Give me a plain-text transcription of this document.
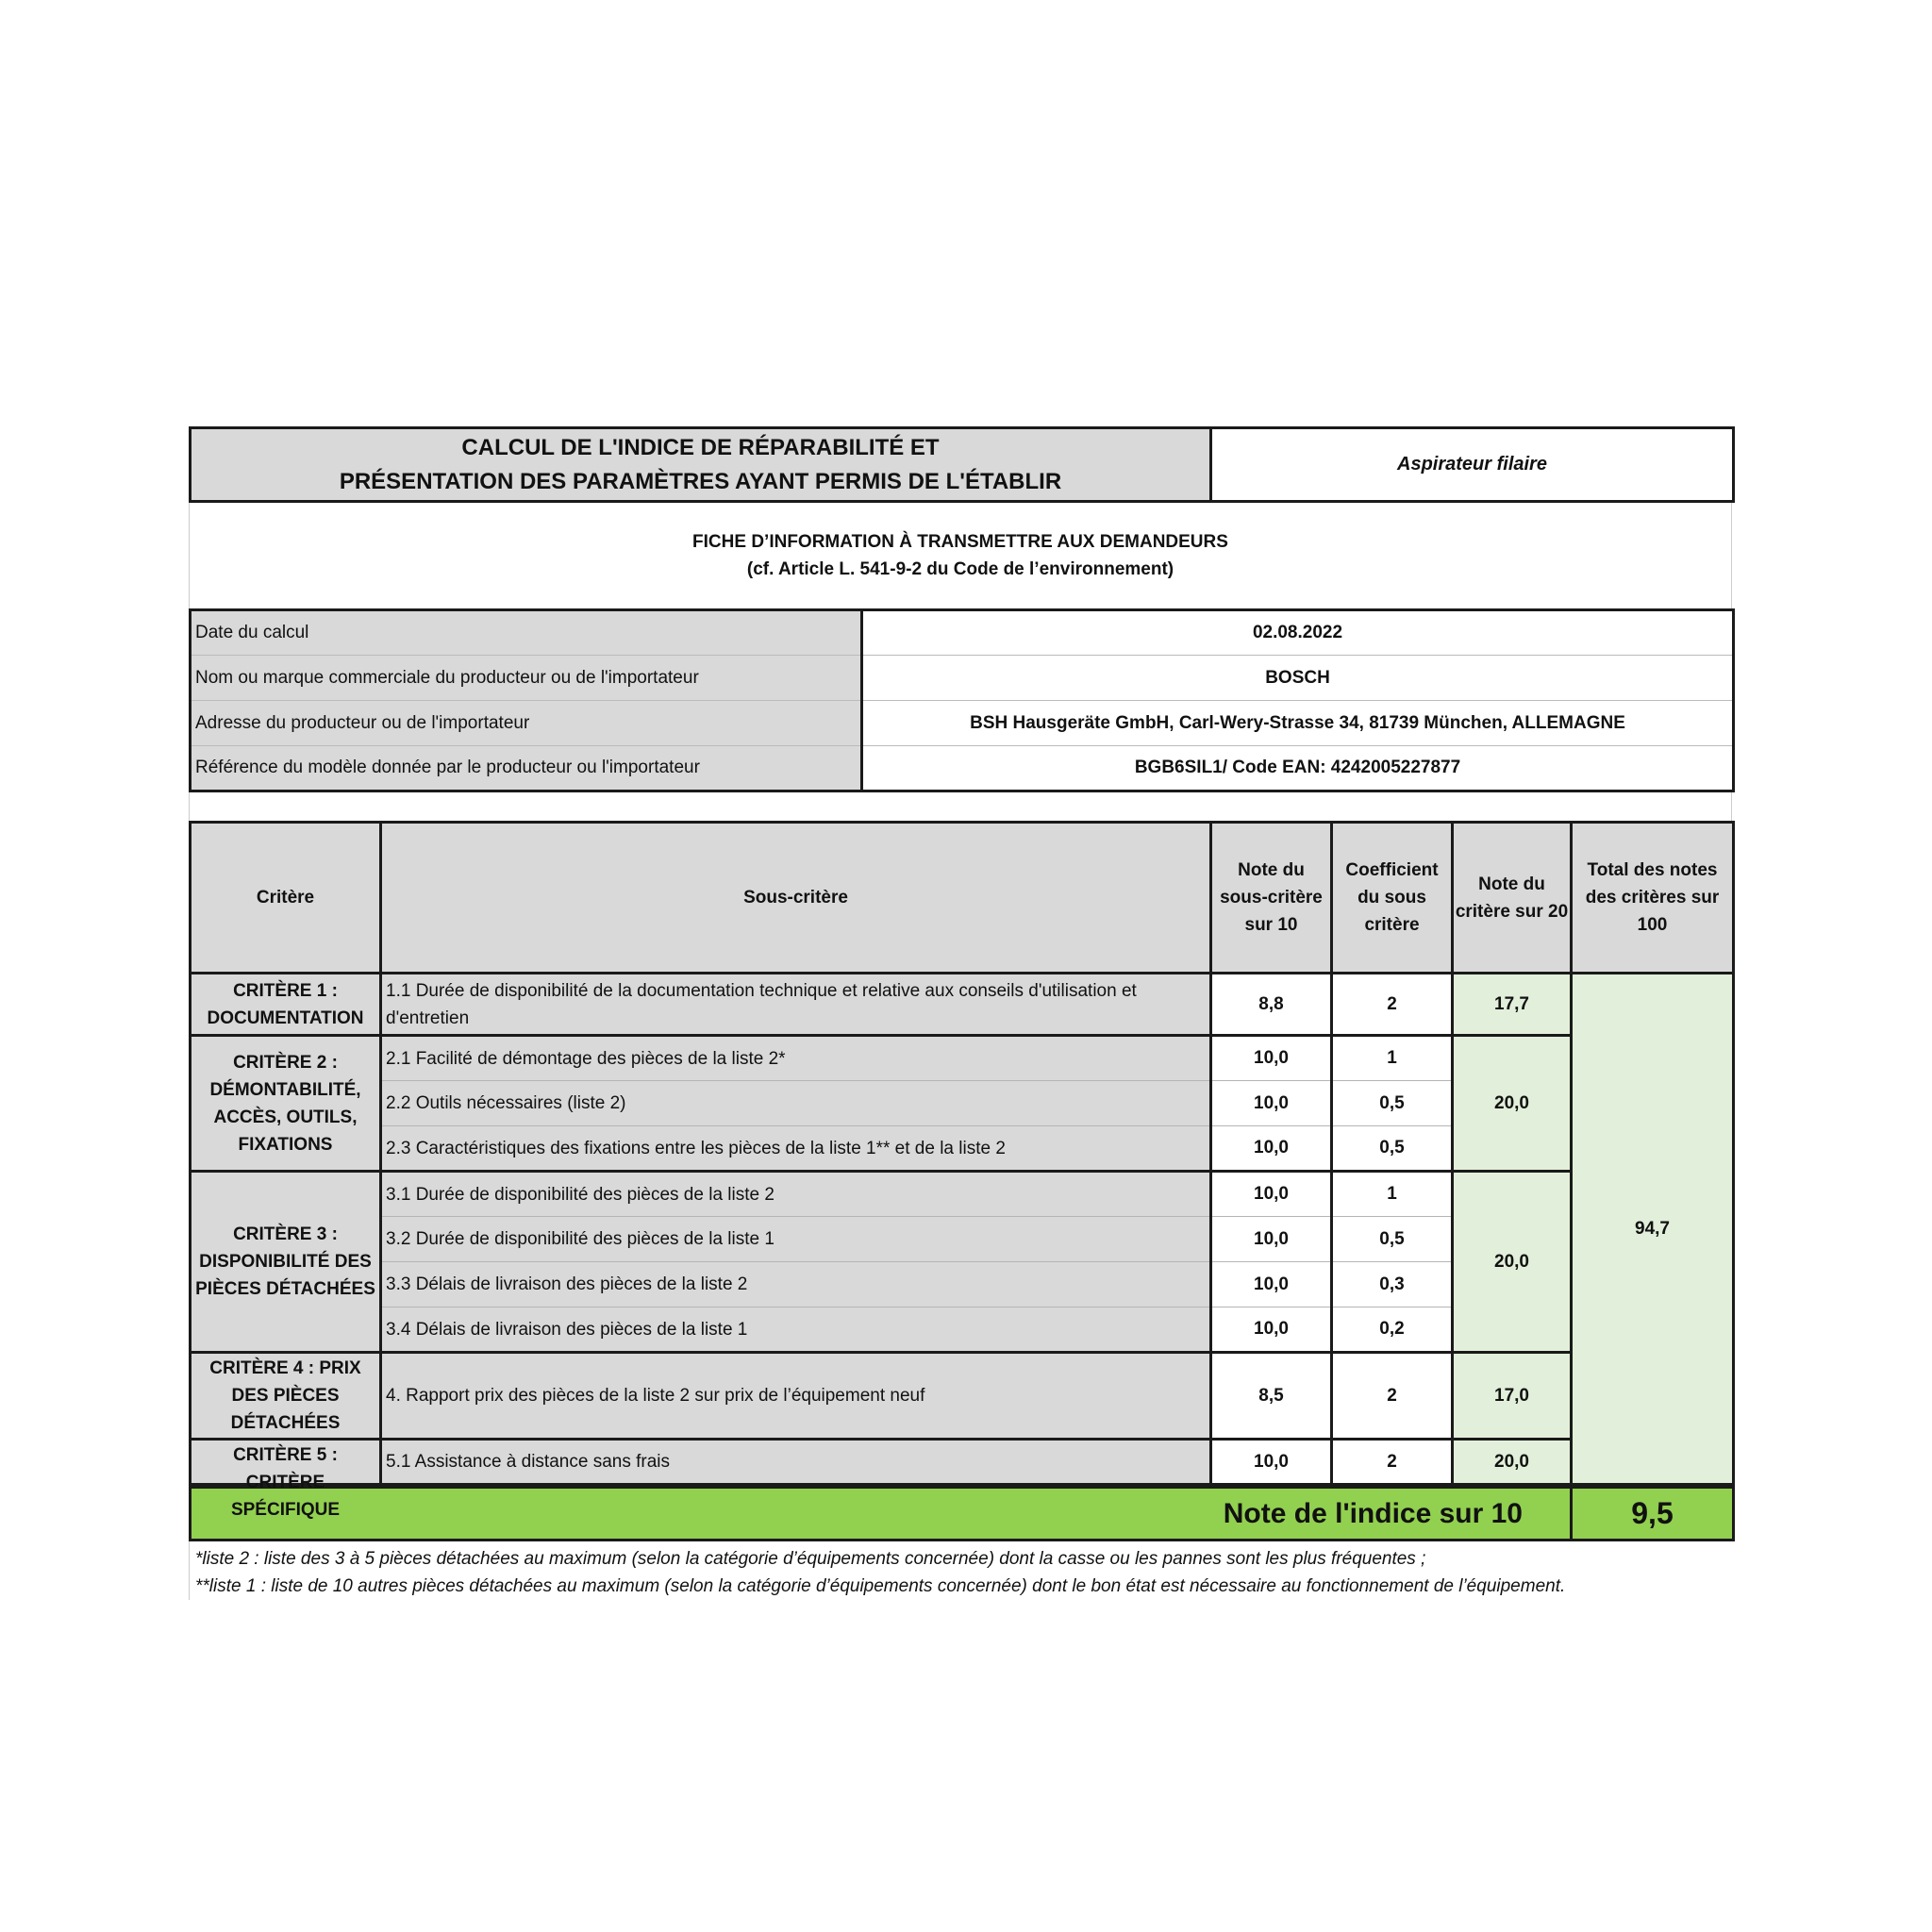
CALCUL DE L'INDICE DE RÉPARABILITÉ ET
PRÉSENTATION DES PARAMÈTRES AYANT PERMIS DE L'ÉTABLIR
	Aspirateur filaire
FICHE D’INFORMATION À TRANSMETTRE AUX DEMANDEURS
(cf. Article L. 541-9-2 du Code de l’environnement)
Date du calcul	02.08.2022
Nom ou marque commerciale du producteur ou de l'importateur	BOSCH
Adresse du producteur ou de l'importateur	BSH Hausgeräte GmbH, Carl-Wery-Strasse 34, 81739 München, ALLEMAGNE
Référence du modèle donnée par le producteur ou l'importateur	BGB6SIL1/ Code EAN: 4242005227877
Critère	Sous-critère	Note du sous-critère sur 10	Coefficient du sous critère	Note du critère sur 20	Total des notes des critères sur 100
CRITÈRE 1 : DOCUMENTATION	1.1 Durée de disponibilité de la documentation technique et relative aux conseils d'utilisation et d'entretien	8,8	2	17,7	94,7
CRITÈRE 2 : DÉMONTABILITÉ, ACCÈS, OUTILS, FIXATIONS	2.1 Facilité de démontage des pièces de la liste 2*	10,0	1	20,0	
	2.2 Outils nécessaires (liste 2)	10,0	0,5		
	2.3 Caractéristiques des fixations entre les pièces de la liste 1** et de la liste 2	10,0	0,5		
CRITÈRE 3 : DISPONIBILITÉ DES PIÈCES DÉTACHÉES	3.1 Durée de disponibilité des pièces de la liste 2	10,0	1	20,0	
	3.2 Durée de disponibilité des pièces de la liste 1	10,0	0,5		
	3.3 Délais de livraison des pièces de la liste 2	10,0	0,3		
	3.4 Délais de livraison des pièces de la liste 1	10,0	0,2		
CRITÈRE 4 : PRIX DES PIÈCES DÉTACHÉES	4. Rapport prix des pièces de la liste 2 sur prix de l’équipement neuf	8,5	2	17,0	

CRITÈRE 5 : CRITÈRE SPÉCIFIQUE	5.1 Assistance à distance sans frais	10,0	2	20,0	
Note de l'indice sur 10	9,5
*liste 2 : liste des 3 à 5 pièces détachées au maximum (selon la catégorie d’équipements concernée) dont la casse ou les pannes sont les plus fréquentes ;
**liste 1 : liste de 10 autres pièces détachées au maximum (selon la catégorie d’équipements concernée) dont le bon état est nécessaire au fonctionnement de l’équipement.
